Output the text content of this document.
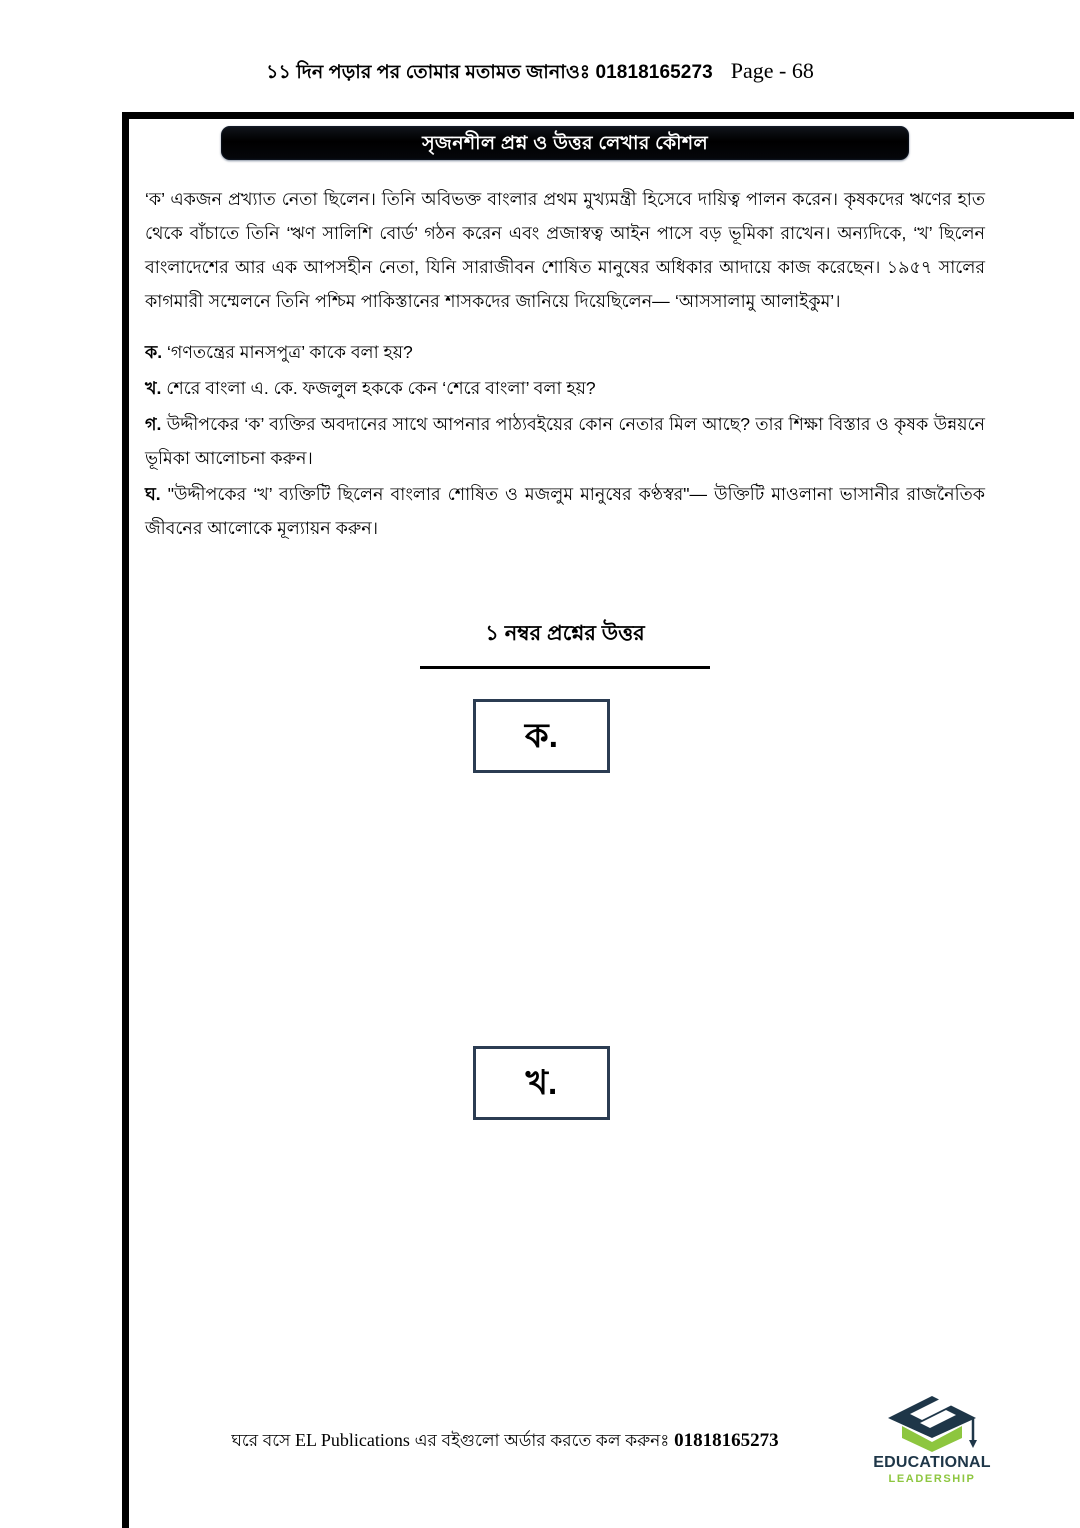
১১ দিন পড়ার পর তোমার মতামত জানাওঃ 01818165273 Page - 68
সৃজনশীল প্রশ্ন ও উত্তর লেখার কৌশল
‘ক’ একজন প্রখ্যাত নেতা ছিলেন। তিনি অবিভক্ত বাংলার প্রথম মুখ্যমন্ত্রী হিসেবে দায়িত্ব পালন করেন। কৃষকদের ঋণের হাত থেকে বাঁচাতে তিনি ‘ঋণ সালিশি বোর্ড’ গঠন করেন এবং প্রজাস্বত্ব আইন পাসে বড় ভূমিকা রাখেন। অন্যদিকে, ‘খ’ ছিলেন বাংলাদেশের আর এক আপসহীন নেতা, যিনি সারাজীবন শোষিত মানুষের অধিকার আদায়ে কাজ করেছেন। ১৯৫৭ সালের কাগমারী সম্মেলনে তিনি পশ্চিম পাকিস্তানের শাসকদের জানিয়ে দিয়েছিলেন— ‘আসসালামু আলাইকুম’।
ক. ‘গণতন্ত্রের মানসপুত্র’ কাকে বলা হয়?
খ. শেরে বাংলা এ. কে. ফজলুল হককে কেন ‘শেরে বাংলা’ বলা হয়?
গ. উদ্দীপকের ‘ক’ ব্যক্তির অবদানের সাথে আপনার পাঠ্যবইয়ের কোন নেতার মিল আছে? তার শিক্ষা বিস্তার ও কৃষক উন্নয়নে ভূমিকা আলোচনা করুন।
ঘ. "উদ্দীপকের ‘খ’ ব্যক্তিটি ছিলেন বাংলার শোষিত ও মজলুম মানুষের কণ্ঠস্বর"— উক্তিটি মাওলানা ভাসানীর রাজনৈতিক জীবনের আলোকে মূল্যায়ন করুন।
১ নম্বর প্রশ্নের উত্তর
ক.
খ.
ঘরে বসে EL Publications এর বইগুলো অর্ডার করতে কল করুনঃ 01818165273
EDUCATIONAL
LEADERSHIP
